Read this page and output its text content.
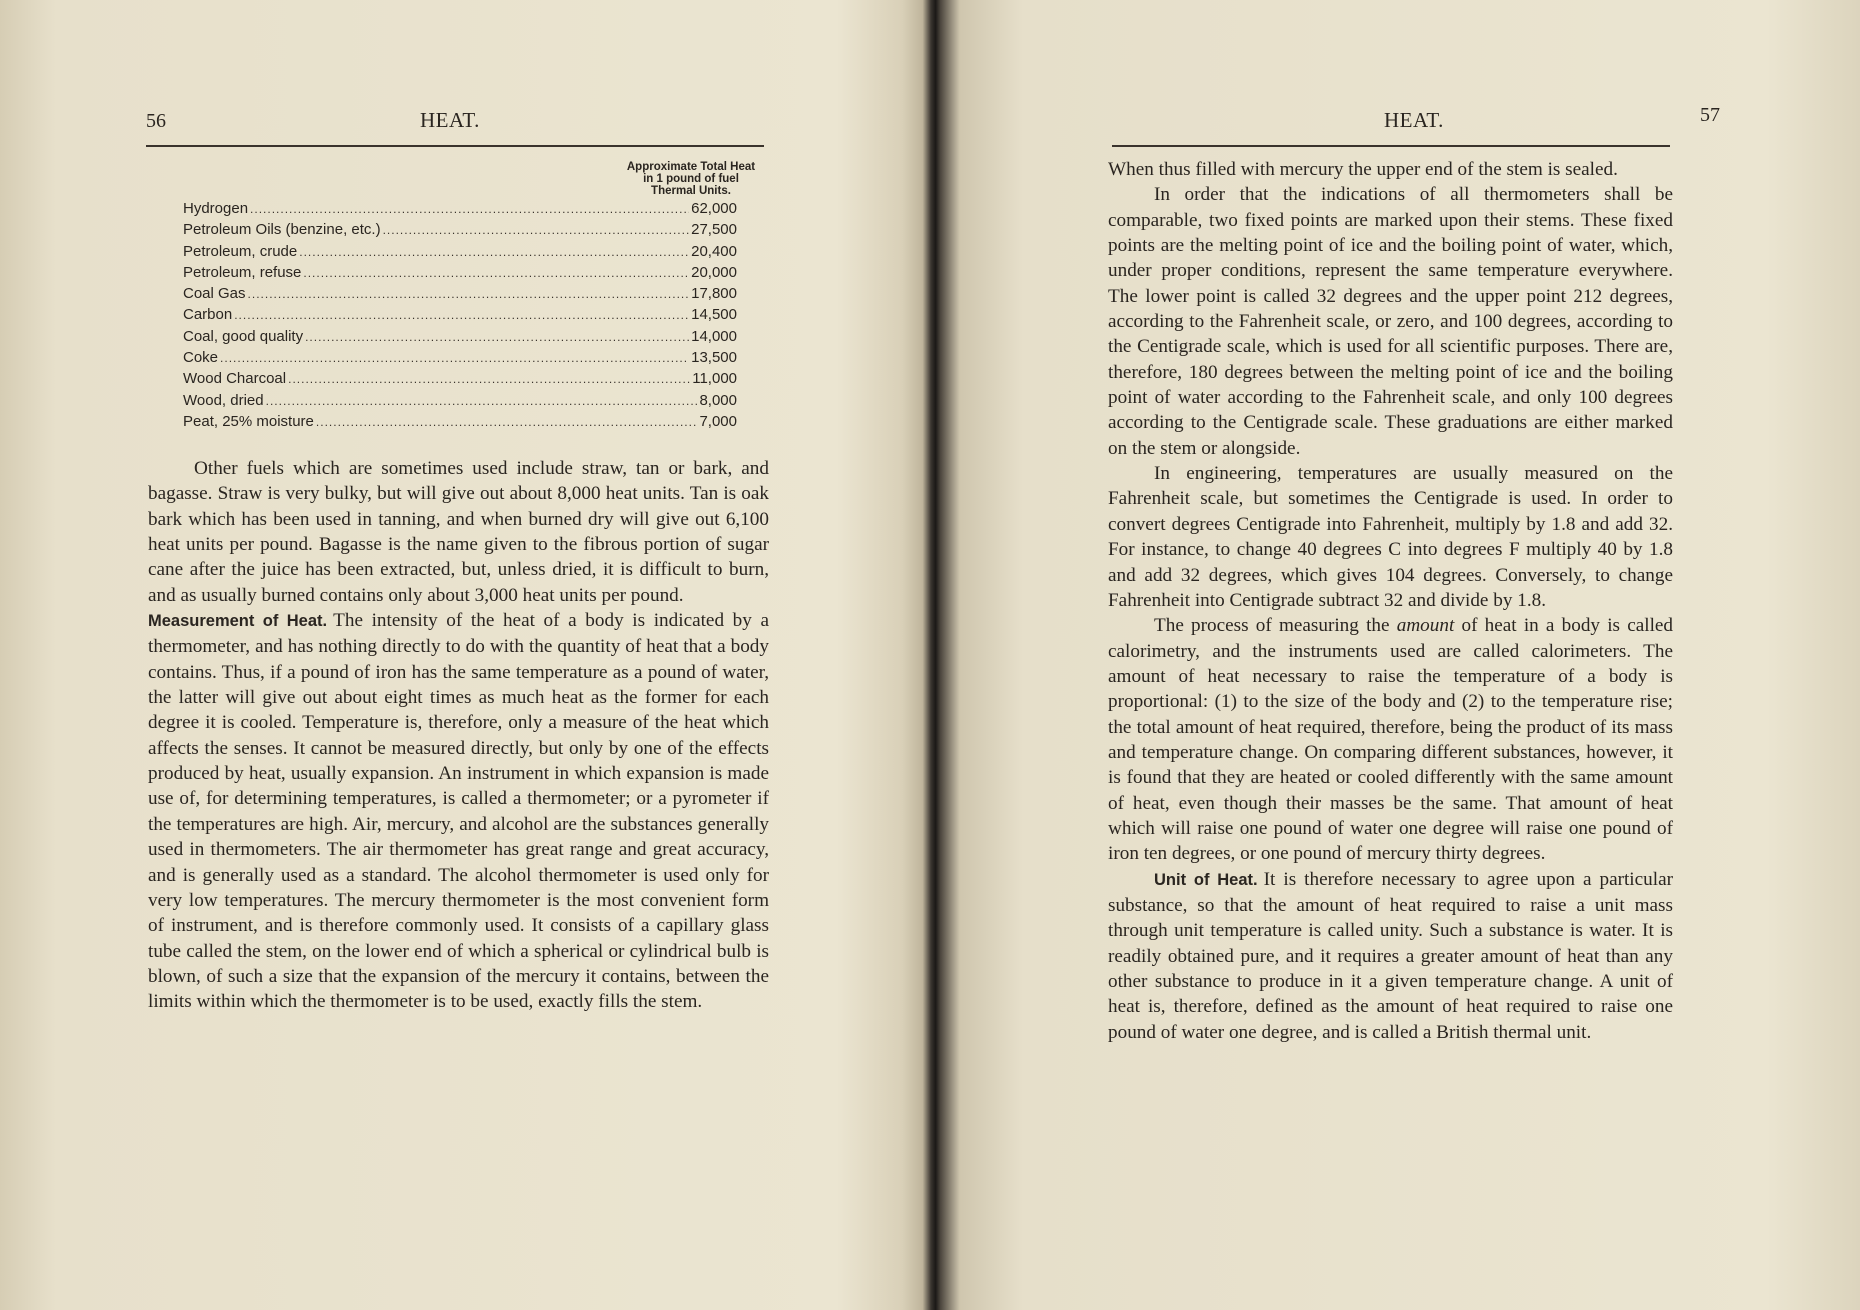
56	HEAT.
Approximate Total Heat
in 1 pound of fuel
Thermal Units.
Hydrogen .....	62,000
Petroleum Oils (benzine, etc.) .....	27,500
Petroleum, crude .....	20,400
Petroleum, refuse .....	20,000
Coal Gas .....	17,800
Carbon .....	14,500
Coal, good quality .....	14,000
Coke .....	13,500
Wood Charcoal .....	11,000
Wood, dried .....	8,000
Peat, 25% moisture .....	7,000

Other fuels which are sometimes used include straw, tan or bark, and bagasse. Straw is very bulky, but will give out about 8,000 heat units. Tan is oak bark which has been used in tanning, and when burned dry will give out 6,100 heat units per pound. Bagasse is the name given to the fibrous portion of sugar cane after the juice has been extracted, but, unless dried, it is difficult to burn, and as usually burned contains only about 3,000 heat units per pound.

Measurement of Heat. The intensity of the heat of a body is indicated by a thermometer, and has nothing directly to do with the quantity of heat that a body contains. Thus, if a pound of iron has the same temperature as a pound of water, the latter will give out about eight times as much heat as the former for each degree it is cooled. Temperature is, therefore, only a measure of the heat which affects the senses. It cannot be measured directly, but only by one of the effects produced by heat, usually expansion. An instrument in which expansion is made use of, for determining temperatures, is called a thermometer; or a pyrometer if the temperatures are high. Air, mercury, and alcohol are the substances generally used in thermometers. The air thermometer has great range and great accuracy, and is generally used as a standard. The alcohol thermometer is used only for very low temperatures. The mercury thermometer is the most convenient form of instrument, and is therefore commonly used. It consists of a capillary glass tube called the stem, on the lower end of which a spherical or cylindrical bulb is blown, of such a size that the expansion of the mercury it contains, between the limits within which the thermometer is to be used, exactly fills the stem.

HEAT.	57

When thus filled with mercury the upper end of the stem is sealed.

In order that the indications of all thermometers shall be comparable, two fixed points are marked upon their stems. These fixed points are the melting point of ice and the boiling point of water, which, under proper conditions, represent the same temperature everywhere. The lower point is called 32 degrees and the upper point 212 degrees, according to the Fahrenheit scale, or zero, and 100 degrees, according to the Centigrade scale, which is used for all scientific purposes. There are, therefore, 180 degrees between the melting point of ice and the boiling point of water according to the Fahrenheit scale, and only 100 degrees according to the Centigrade scale. These graduations are either marked on the stem or alongside.

In engineering, temperatures are usually measured on the Fahrenheit scale, but sometimes the Centigrade is used. In order to convert degrees Centigrade into Fahrenheit, multiply by 1.8 and add 32. For instance, to change 40 degrees C into degrees F multiply 40 by 1.8 and add 32 degrees, which gives 104 degrees. Conversely, to change Fahrenheit into Centigrade subtract 32 and divide by 1.8.

The process of measuring the amount of heat in a body is called calorimetry, and the instruments used are called calorimeters. The amount of heat necessary to raise the temperature of a body is proportional: (1) to the size of the body and (2) to the temperature rise; the total amount of heat required, therefore, being the product of its mass and temperature change. On comparing different substances, however, it is found that they are heated or cooled differently with the same amount of heat, even though their masses be the same. That amount of heat which will raise one pound of water one degree will raise one pound of iron ten degrees, or one pound of mercury thirty degrees.

Unit of Heat. It is therefore necessary to agree upon a particular substance, so that the amount of heat required to raise a unit mass through unit temperature is called unity. Such a substance is water. It is readily obtained pure, and it requires a greater amount of heat than any other substance to produce in it a given temperature change. A unit of heat is, therefore, defined as the amount of heat required to raise one pound of water one degree, and is called a British thermal unit.
